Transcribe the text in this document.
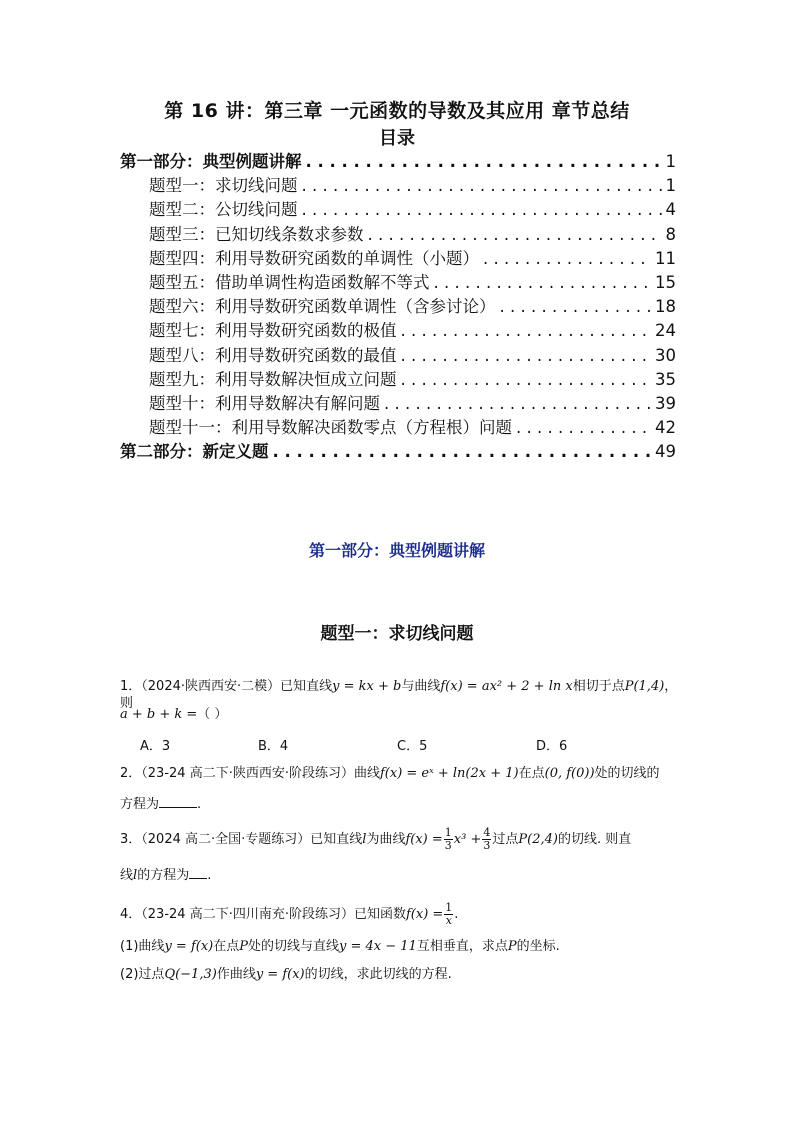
第 16 讲：第三章 一元函数的导数及其应用 章节总结
目录
第一部分：典型例题讲解 . . .	1
题型一：求切线问题 . . .	1
题型二：公切线问题 . . .	4
题型三：已知切线条数求参数 . . .	8
题型四：利用导数研究函数的单调性（小题） . . .	11
题型五：借助单调性构造函数解不等式 . . .	15
题型六：利用导数研究函数单调性（含参讨论） . . .	18
题型七：利用导数研究函数的极值 . . .	24
题型八：利用导数研究函数的最值 . . .	30
题型九：利用导数解决恒成立问题 . . .	35
题型十：利用导数解决有解问题 . . .	39
题型十一：利用导数解决函数零点（方程根）问题 . . .	42
第二部分：新定义题 . . .	49
第一部分：典型例题讲解
题型一：求切线问题
1．（2024·陕西西安·二模）已知直线y = kx + b与曲线f(x) = ax² + 2 + ln x相切于点P(1,4)，则
a + b + k =（ ）
A．3	B．4	C．5	D．6
2．（23-24 高二下·陕西西安·阶段练习）曲线f(x) = eˣ + ln(2x + 1)在点(0, f(0))处的切线的
方程为	.
3．（2024 高二·全国·专题练习）已知直线l为曲线$f(x) = \frac{1}{3} x^3 + \frac{4}{3}$ 过点P(2,4)的切线. 则直
线l的方程为 .
4．（23-24 高二下·四川南充·阶段练习）已知函数$f(x) = \frac{1}{x}$ .
(1)曲线y = f(x)在点P处的切线与直线y = 4x − 11互相垂直，求点P的坐标.
(2)过点Q(−1,3)作曲线y = f(x)的切线，求此切线的方程.
